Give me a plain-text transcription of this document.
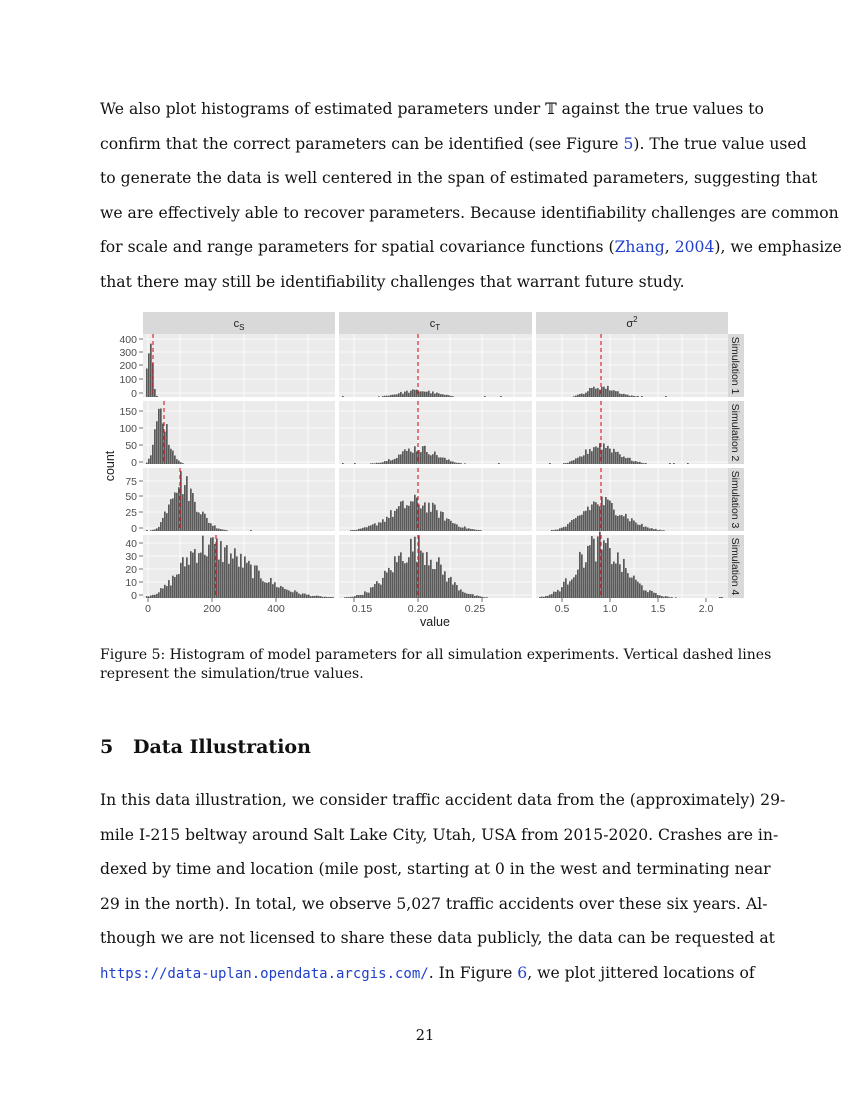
We also plot histograms of estimated parameters under 𝕋 against the true values to
confirm that the correct parameters can be identified (see Figure 5). The true value used
to generate the data is well centered in the span of estimated parameters, suggesting that
we are effectively able to recover parameters. Because identifiability challenges are common
for scale and range parameters for spatial covariance functions (Zhang, 2004), we emphasize
that there may still be identifiability challenges that warrant future study.
$c_S$	$c_T$	$\sigma^2$
Simulation 1
Simulation 2
Simulation 3
Simulation 4
400
300
200
100
0
150
100
50
0
75
50
25
0
40
30
20
10
0
0	200	400	0.15	0.20	0.25	0.5	1.0	1.5	2.0
value
count

Figure 5: Histogram of model parameters for all simulation experiments. Vertical dashed lines
represent the simulation/true values.

5 Data Illustration
In this data illustration, we consider traffic accident data from the (approximately) 29-
mile I-215 beltway around Salt Lake City, Utah, USA from 2015-2020. Crashes are in-
dexed by time and location (mile post, starting at 0 in the west and terminating near
29 in the north). In total, we observe 5,027 traffic accidents over these six years. Al-
though we are not licensed to share these data publicly, the data can be requested at
https://data-uplan.opendata.arcgis.com/. In Figure 6, we plot jittered locations of
21
